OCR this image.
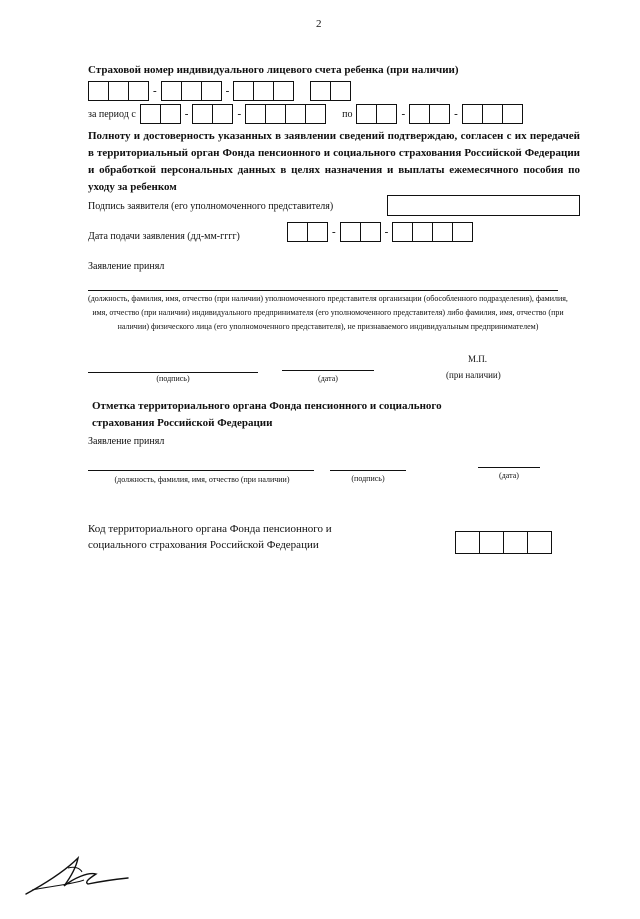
2
Страховой номер индивидуального лицевого счета ребенка (при наличии)
-	-
за период с	-	-	по	-	-
Полноту и достоверность указанных в заявлении сведений подтверждаю, согласен с их передачей в территориальный орган Фонда пенсионного и социального страхования Российской Федерации и обработкой персональных данных в целях назначения и выплаты ежемесячного пособия по уходу за ребенком
Подпись заявителя (его уполномоченного представителя)
Дата подачи заявления (дд-мм-гггг)	-	-
Заявление принял
(должность, фамилия, имя, отчество (при наличии) уполномоченного представителя организации (обособленного подразделения), фамилия, имя, отчество (при наличии) индивидуального предпринимателя (его уполномоченного представителя) либо фамилия, имя, отчество (при наличии) физического лица (его уполномоченного представителя), не признаваемого индивидуальным предпринимателем)
(подпись)	(дата)
М.П.
(при наличии)
Отметка территориального органа Фонда пенсионного и социального страхования Российской Федерации
Заявление принял
(должность, фамилия, имя, отчество (при наличии)	(подпись)	(дата)
Код территориального органа Фонда пенсионного и социального страхования Российской Федерации
